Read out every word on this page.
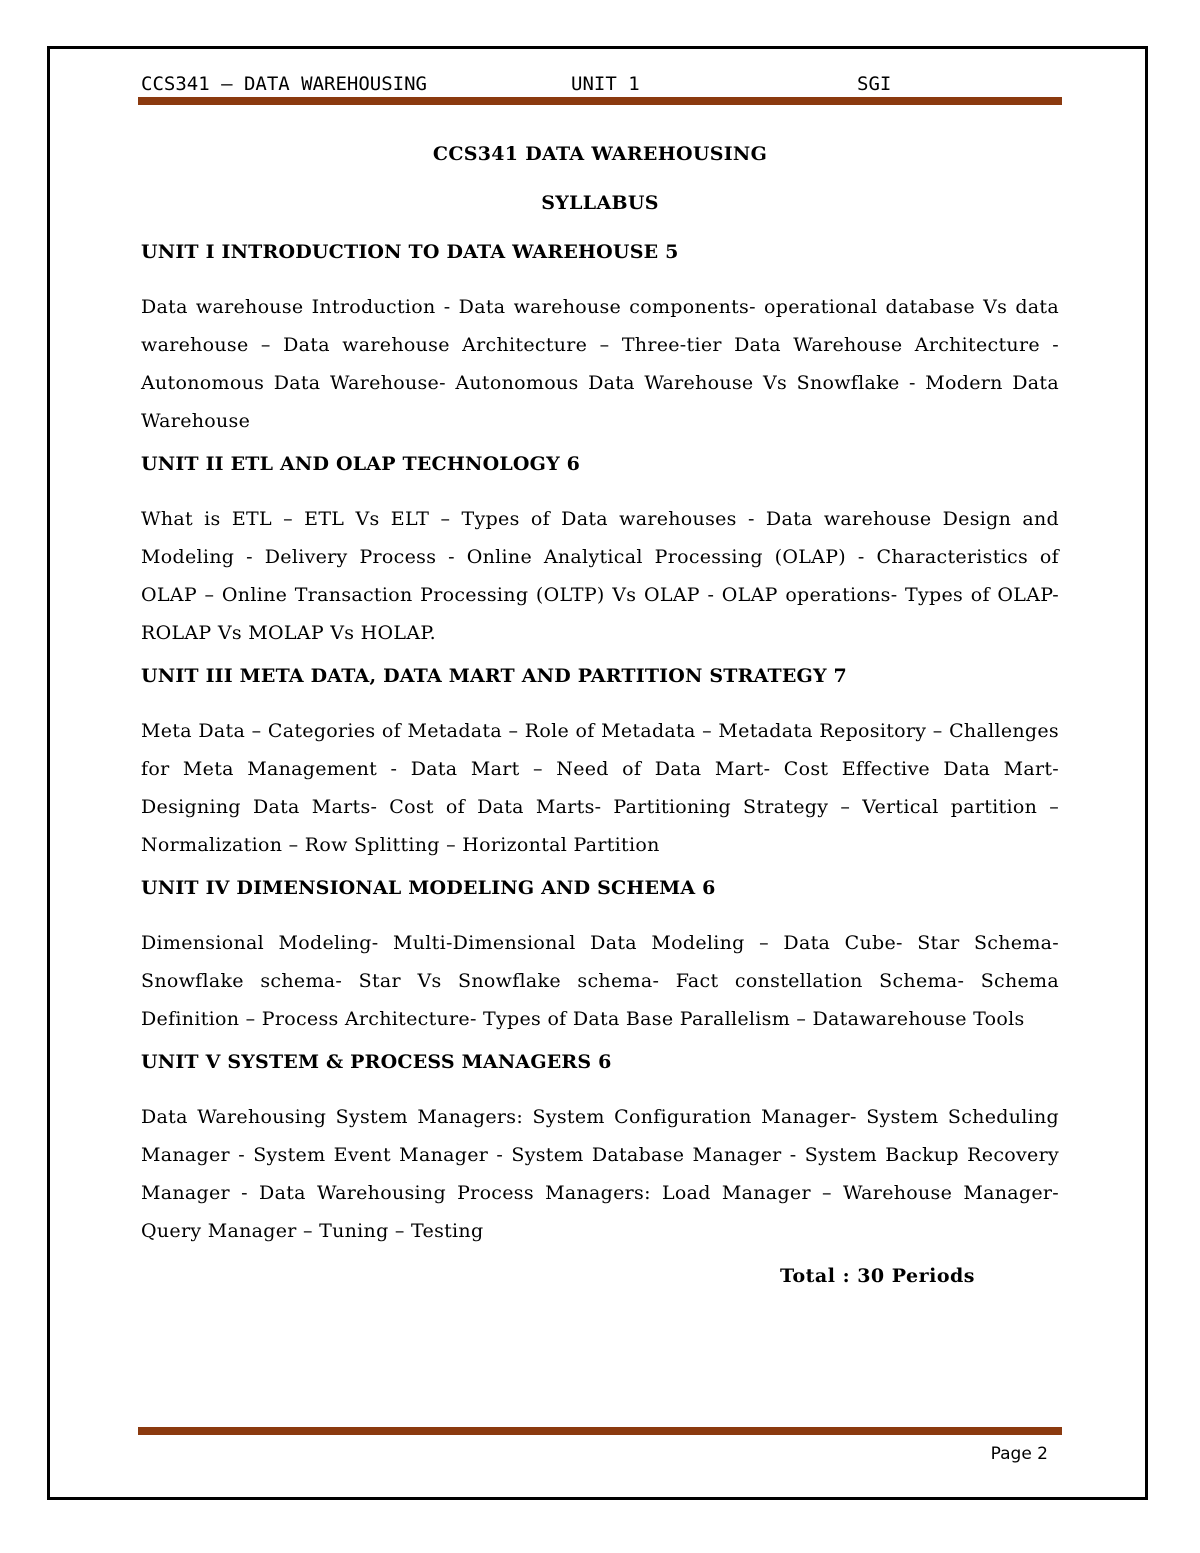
CCS341 – DATA WAREHOUSING	UNIT 1	SGI
CCS341 DATA WAREHOUSING
SYLLABUS
UNIT I INTRODUCTION TO DATA WAREHOUSE 5
Data warehouse Introduction - Data warehouse components- operational database Vs data warehouse – Data warehouse Architecture – Three-tier Data Warehouse Architecture - Autonomous Data Warehouse- Autonomous Data Warehouse Vs Snowflake - Modern Data Warehouse
UNIT II ETL AND OLAP TECHNOLOGY 6
What is ETL – ETL Vs ELT – Types of Data warehouses - Data warehouse Design and Modeling - Delivery Process - Online Analytical Processing (OLAP) - Characteristics of OLAP – Online Transaction Processing (OLTP) Vs OLAP - OLAP operations- Types of OLAP- ROLAP Vs MOLAP Vs HOLAP.
UNIT III META DATA, DATA MART AND PARTITION STRATEGY 7
Meta Data – Categories of Metadata – Role of Metadata – Metadata Repository – Challenges for Meta Management - Data Mart – Need of Data Mart- Cost Effective Data Mart- Designing Data Marts- Cost of Data Marts- Partitioning Strategy – Vertical partition – Normalization – Row Splitting – Horizontal Partition
UNIT IV DIMENSIONAL MODELING AND SCHEMA 6
Dimensional Modeling- Multi-Dimensional Data Modeling – Data Cube- Star Schema- Snowflake schema- Star Vs Snowflake schema- Fact constellation Schema- Schema Definition – Process Architecture- Types of Data Base Parallelism – Datawarehouse Tools
UNIT V SYSTEM & PROCESS MANAGERS 6
Data Warehousing System Managers: System Configuration Manager- System Scheduling Manager - System Event Manager - System Database Manager - System Backup Recovery Manager - Data Warehousing Process Managers: Load Manager – Warehouse Manager- Query Manager – Tuning – Testing
Total : 30 Periods
Page 2
